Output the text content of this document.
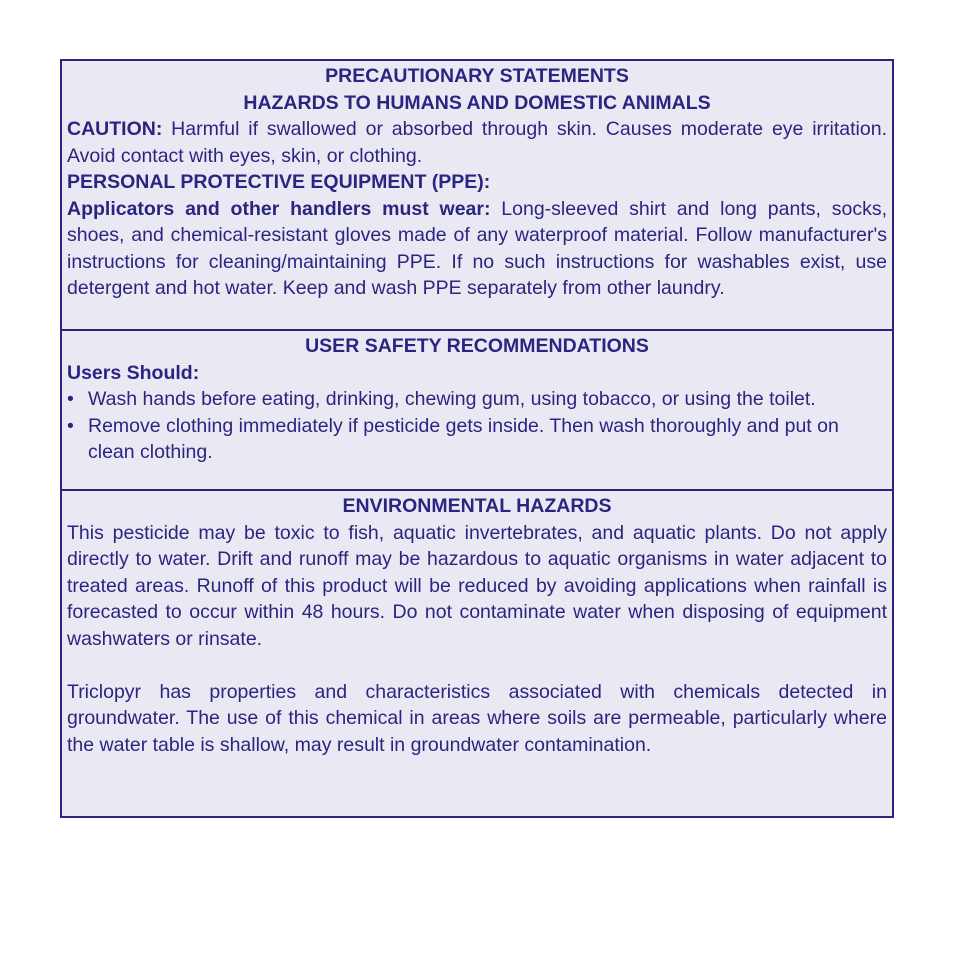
PRECAUTIONARY STATEMENTS
HAZARDS TO HUMANS AND DOMESTIC ANIMALS

CAUTION: Harmful if swallowed or absorbed through skin. Causes moderate eye irritation. Avoid contact with eyes, skin, or clothing.

PERSONAL PROTECTIVE EQUIPMENT (PPE):

Applicators and other handlers must wear: Long-sleeved shirt and long pants, socks, shoes, and chemical-resistant gloves made of any waterproof material. Follow manufacturer's instructions for cleaning/maintaining PPE. If no such instructions for washables exist, use detergent and hot water. Keep and wash PPE separately from other laundry.

USER SAFETY RECOMMENDATIONS
Users Should:
• Wash hands before eating, drinking, chewing gum, using tobacco, or using the toilet.
• Remove clothing immediately if pesticide gets inside. Then wash thoroughly and put on clean clothing.
ENVIRONMENTAL HAZARDS

This pesticide may be toxic to fish, aquatic invertebrates, and aquatic plants. Do not apply directly to water. Drift and runoff may be hazardous to aquatic organisms in water adjacent to treated areas. Runoff of this product will be reduced by avoiding applications when rainfall is forecasted to occur within 48 hours. Do not contaminate water when disposing of equipment washwaters or rinsate.

Triclopyr has properties and characteristics associated with chemicals detected in groundwater. The use of this chemical in areas where soils are permeable, particularly where the water table is shallow, may result in groundwater contamination.
